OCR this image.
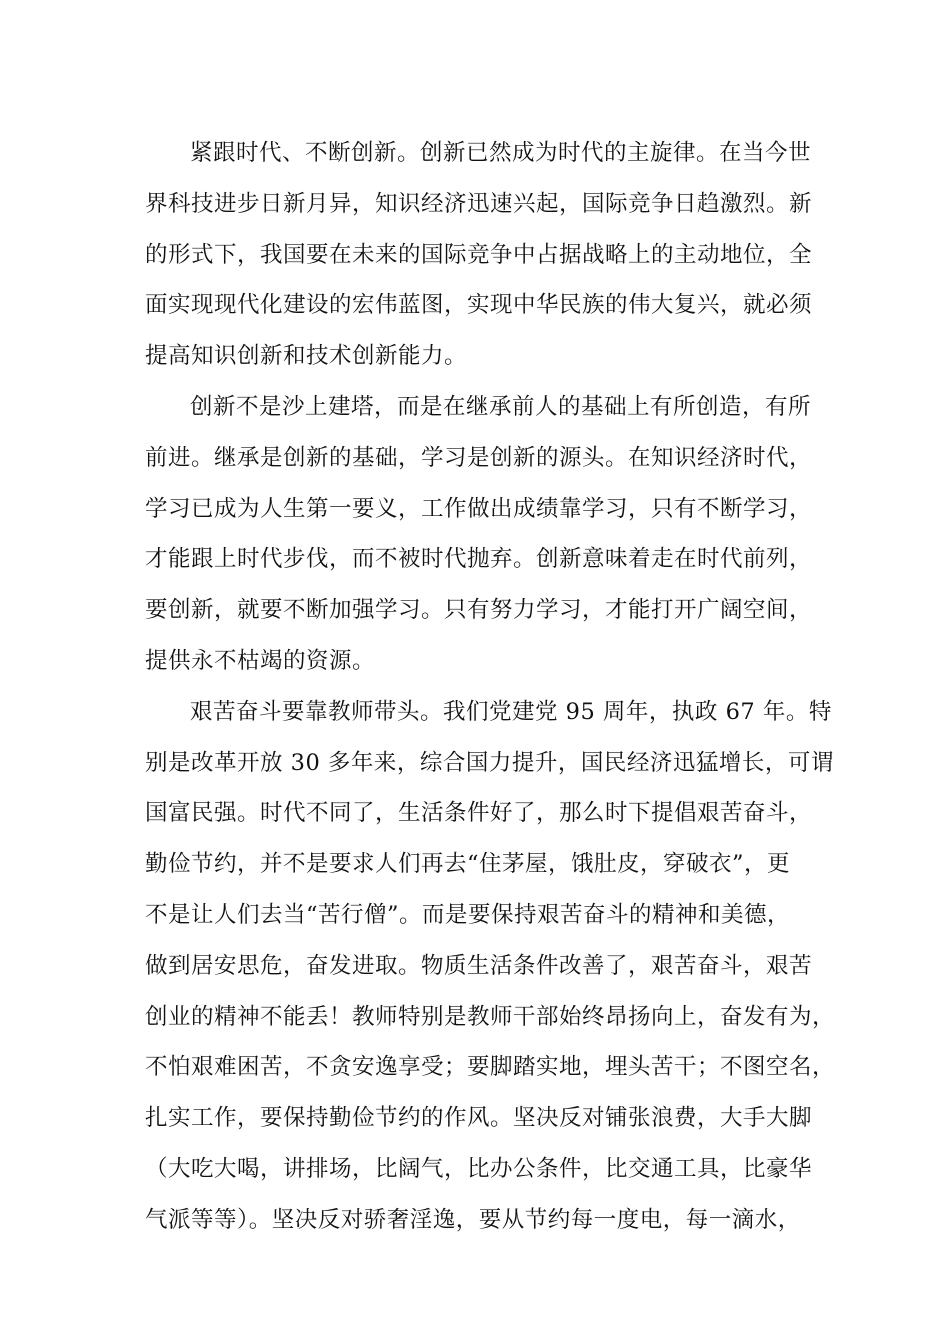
紧跟时代、不断创新。创新已然成为时代的主旋律。在当今世
界科技进步日新月异，知识经济迅速兴起，国际竞争日趋激烈。新
的形式下，我国要在未来的国际竞争中占据战略上的主动地位，全
面实现现代化建设的宏伟蓝图，实现中华民族的伟大复兴，就必须
提高知识创新和技术创新能力。
创新不是沙上建塔，而是在继承前人的基础上有所创造，有所
前进。继承是创新的基础，学习是创新的源头。在知识经济时代，
学习已成为人生第一要义，工作做出成绩靠学习，只有不断学习，
才能跟上时代步伐，而不被时代抛弃。创新意味着走在时代前列，
要创新，就要不断加强学习。只有努力学习，才能打开广阔空间，
提供永不枯竭的资源。
艰苦奋斗要靠教师带头。我们党建党 95 周年，执政 67 年。特
别是改革开放 30 多年来，综合国力提升，国民经济迅猛增长，可谓
国富民强。时代不同了，生活条件好了，那么时下提倡艰苦奋斗，
勤俭节约，并不是要求人们再去“住茅屋，饿肚皮，穿破衣”，更
不是让人们去当“苦行僧”。而是要保持艰苦奋斗的精神和美德，
做到居安思危，奋发进取。物质生活条件改善了，艰苦奋斗，艰苦
创业的精神不能丢！教师特别是教师干部始终昂扬向上，奋发有为，
不怕艰难困苦，不贪安逸享受；要脚踏实地，埋头苦干；不图空名，
扎实工作，要保持勤俭节约的作风。坚决反对铺张浪费，大手大脚
（大吃大喝，讲排场，比阔气，比办公条件，比交通工具，比豪华
气派等等）。坚决反对骄奢淫逸，要从节约每一度电，每一滴水，
